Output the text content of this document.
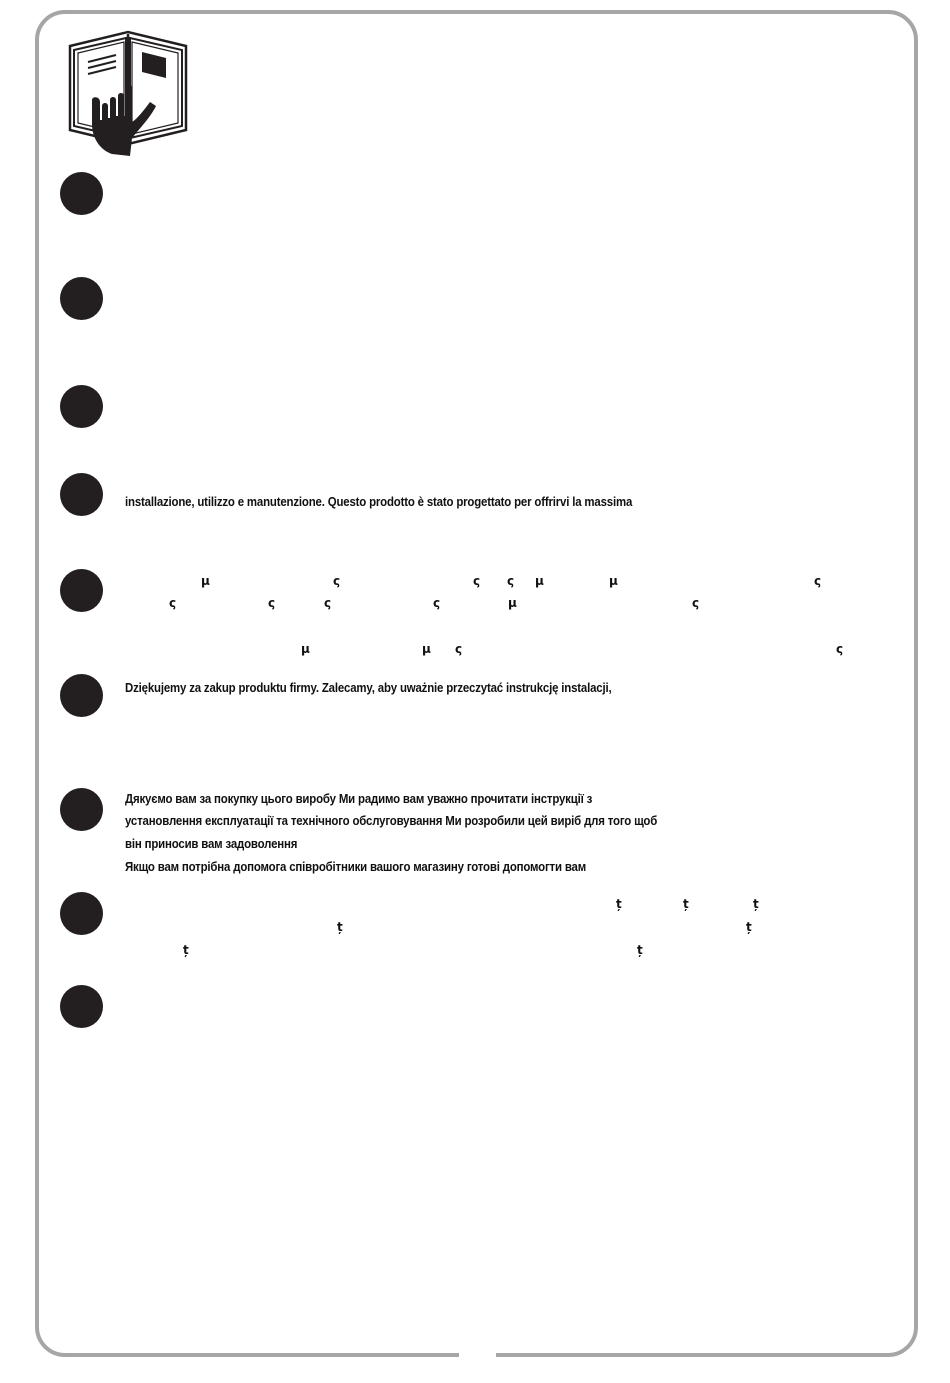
installazione, utilizzo e manutenzione. Questo prodotto è stato progettato per offrirvi la massima
μ	ς	ς ς μ	μ	ς
ς	ς	ς	ς	μ	ς
μ	μ ς	ς
Dziękujemy za zakup produktu firmy. Zalecamy, aby uważnie przeczytać instrukcję instalacji,
Дякуємо вам за покупку цього виробу Ми радимо вам уважно прочитати інструкції з
установлення експлуатації та технічного обслуговування Ми розробили цей виріб для того щоб
він приносив вам задоволення
Якщо вам потрібна допомога співробітники вашого магазину готові допомогти вам
ț	ț	ț
ț	ț
ț	ț
